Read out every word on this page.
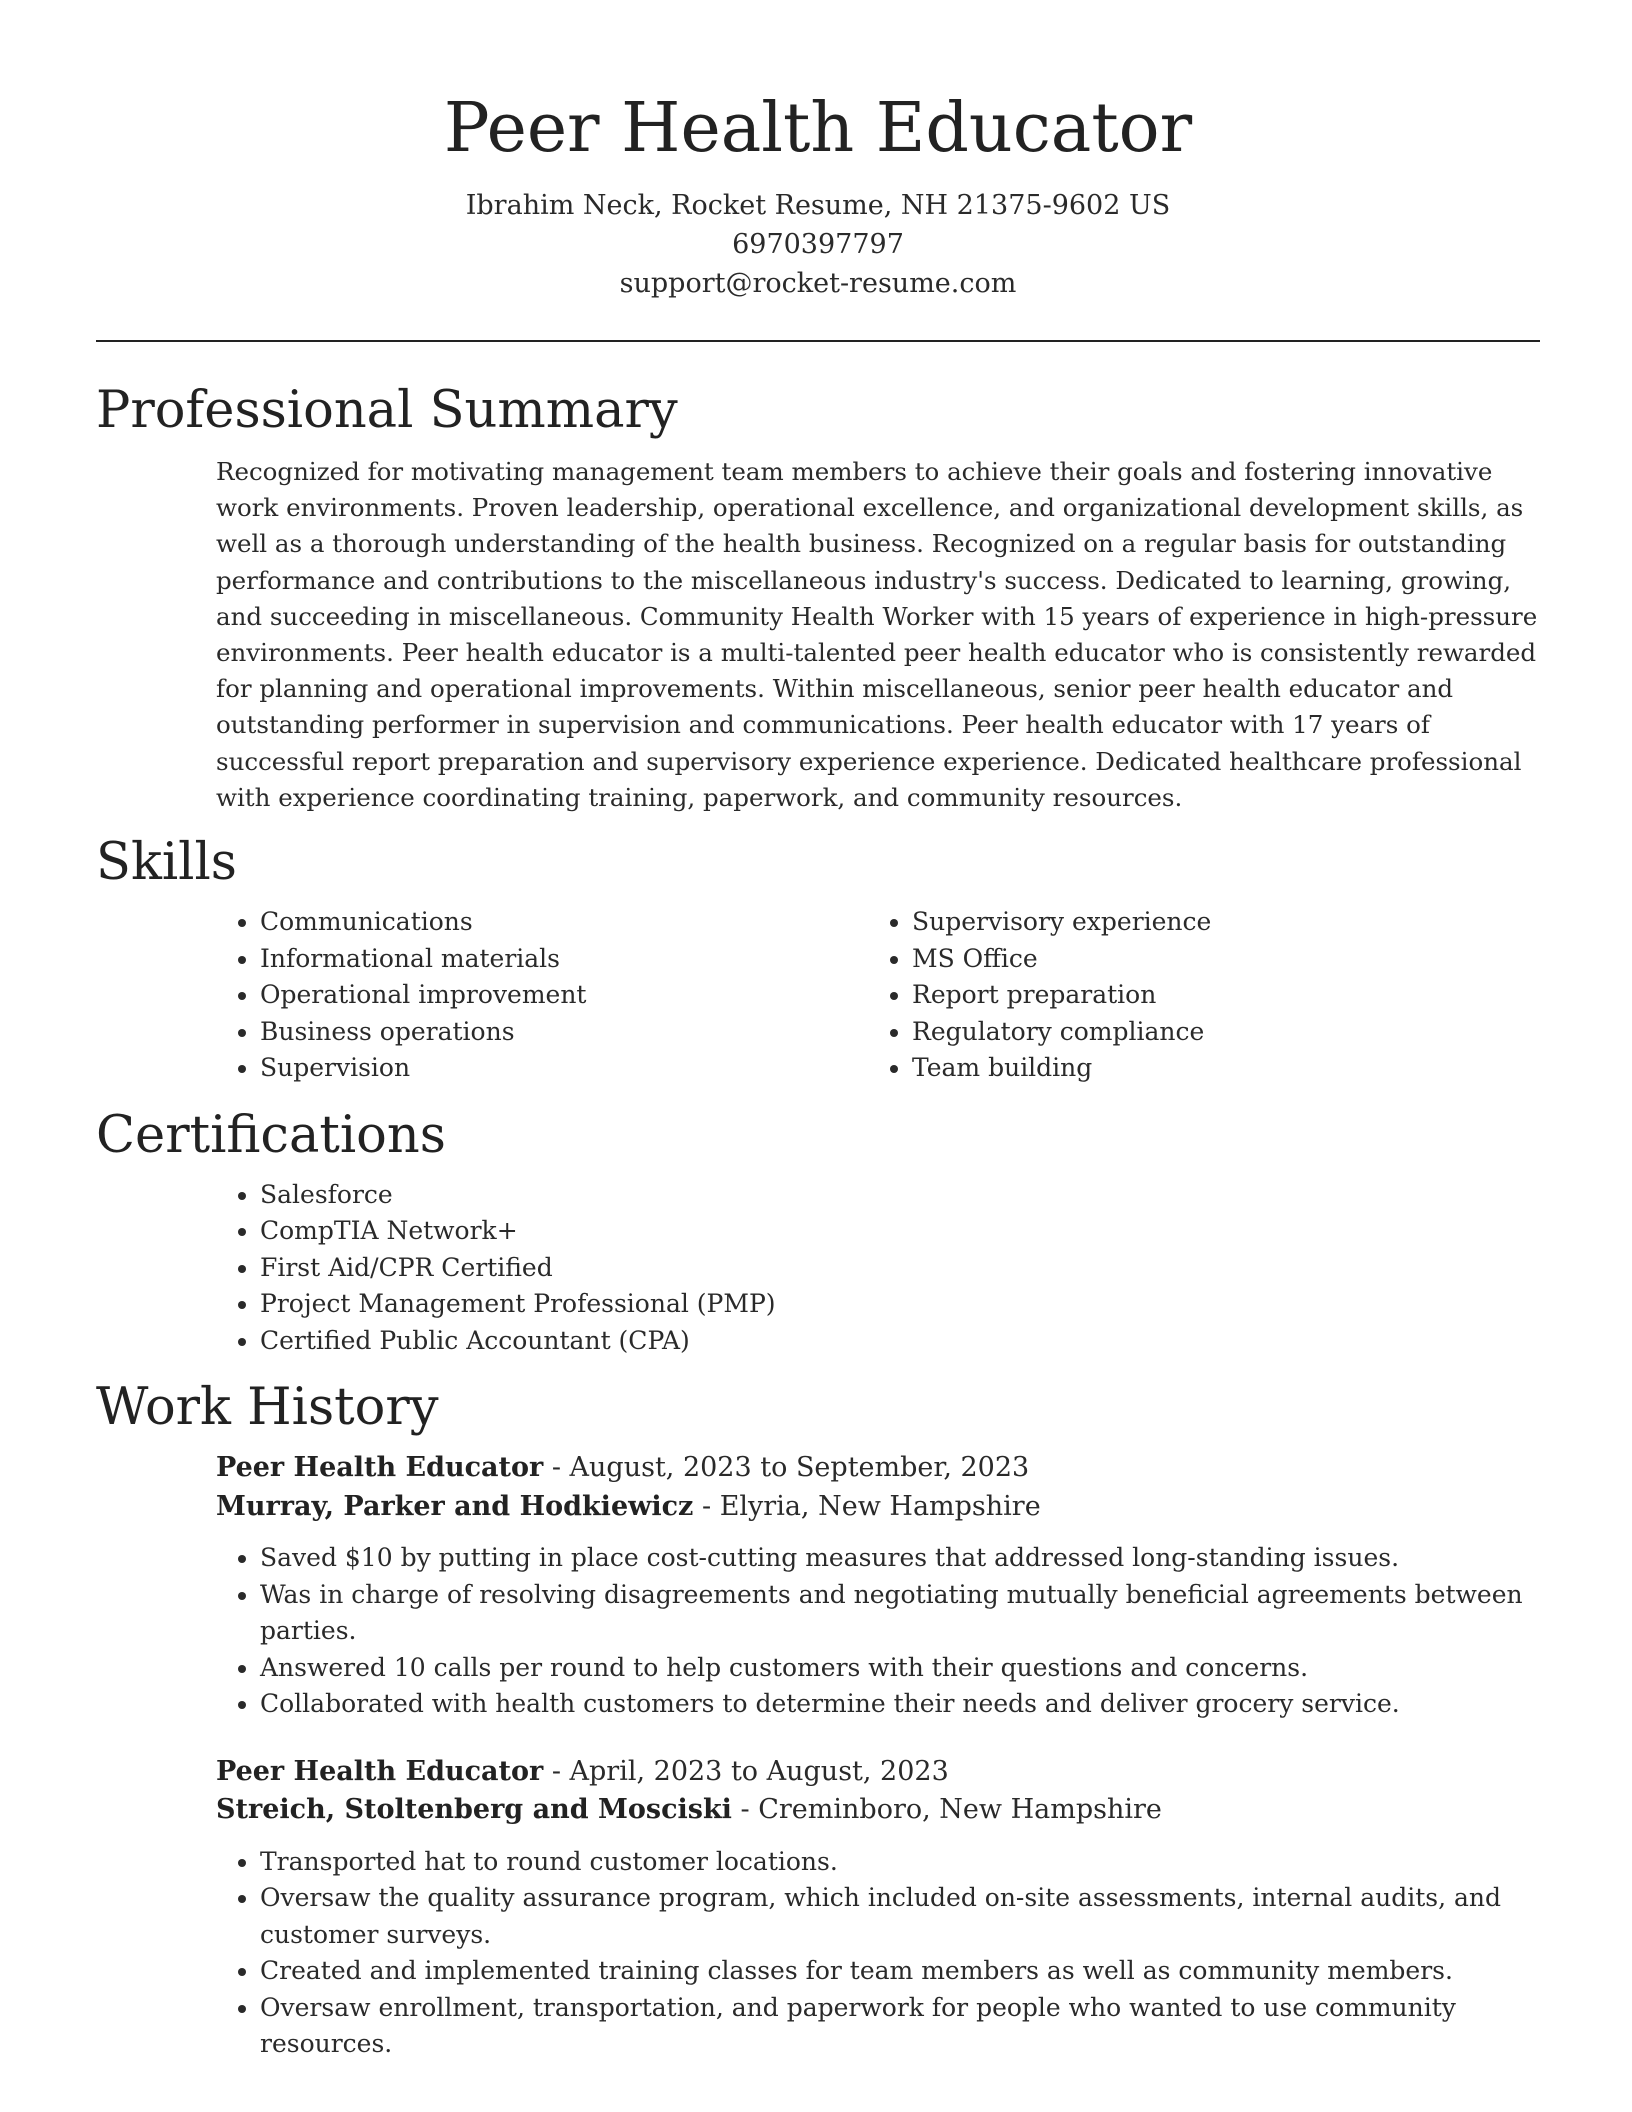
Peer Health Educator
Ibrahim Neck, Rocket Resume, NH 21375-9602 US
6970397797
support@rocket-resume.com
Professional Summary
Recognized for motivating management team members to achieve their goals and fostering innovative work environments. Proven leadership, operational excellence, and organizational development skills, as well as a thorough understanding of the health business. Recognized on a regular basis for outstanding performance and contributions to the miscellaneous industry's success. Dedicated to learning, growing, and succeeding in miscellaneous. Community Health Worker with 15 years of experience in high-pressure environments. Peer health educator is a multi-talented peer health educator who is consistently rewarded for planning and operational improvements. Within miscellaneous, senior peer health educator and outstanding performer in supervision and communications. Peer health educator with 17 years of successful report preparation and supervisory experience experience. Dedicated healthcare professional with experience coordinating training, paperwork, and community resources.
Skills
• Communications
• Informational materials
• Operational improvement
• Business operations
• Supervision
• Supervisory experience
• MS Office
• Report preparation
• Regulatory compliance
• Team building
Certifications
• Salesforce
• CompTIA Network+
• First Aid/CPR Certified
• Project Management Professional (PMP)
• Certified Public Accountant (CPA)
Work History
Peer Health Educator - August, 2023 to September, 2023
Murray, Parker and Hodkiewicz - Elyria, New Hampshire
• Saved $10 by putting in place cost-cutting measures that addressed long-standing issues.
• Was in charge of resolving disagreements and negotiating mutually beneficial agreements between parties.
• Answered 10 calls per round to help customers with their questions and concerns.
• Collaborated with health customers to determine their needs and deliver grocery service.
Peer Health Educator - April, 2023 to August, 2023
Streich, Stoltenberg and Mosciski - Creminboro, New Hampshire
• Transported hat to round customer locations.
• Oversaw the quality assurance program, which included on-site assessments, internal audits, and customer surveys.
• Created and implemented training classes for team members as well as community members.
• Oversaw enrollment, transportation, and paperwork for people who wanted to use community resources.
